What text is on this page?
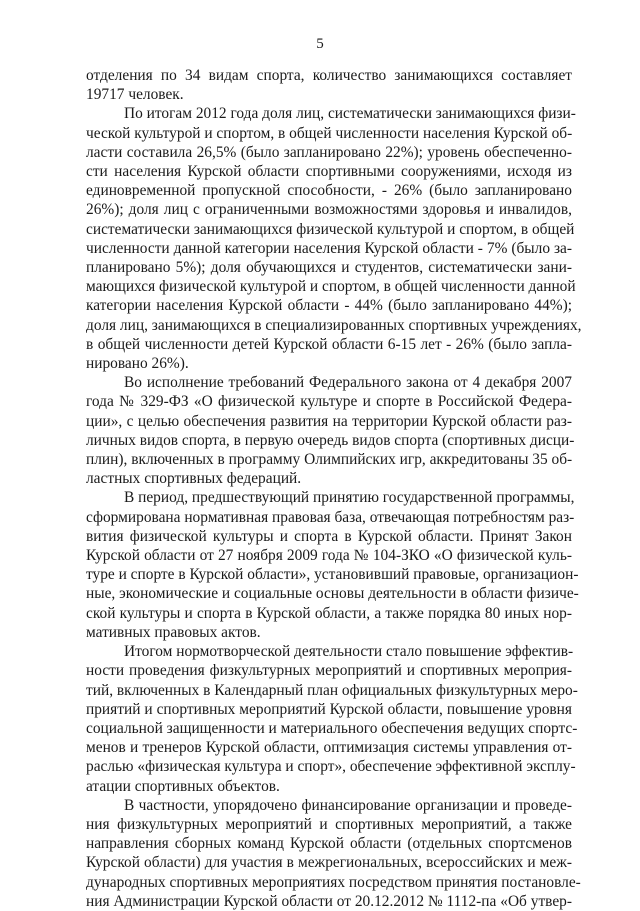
5
отделения по 34 видам спорта, количество занимающихся составляет
19717 человек.
По итогам 2012 года доля лиц, систематически занимающихся физи-
ческой культурой и спортом, в общей численности населения Курской об-
ласти составила 26,5% (было запланировано 22%); уровень обеспеченно-
сти населения Курской области спортивными сооружениями, исходя из
единовременной пропускной способности, - 26% (было запланировано
26%); доля лиц с ограниченными возможностями здоровья и инвалидов,
систематически занимающихся физической культурой и спортом, в общей
численности данной категории населения Курской области - 7% (было за-
планировано 5%); доля обучающихся и студентов, систематически зани-
мающихся физической культурой и спортом, в общей численности данной
категории населения Курской области - 44% (было запланировано 44%);
доля лиц, занимающихся в специализированных спортивных учреждениях,
в общей численности детей Курской области 6-15 лет - 26% (было запла-
нировано 26%).
Во исполнение требований Федерального закона от 4 декабря 2007
года № 329-ФЗ «О физической культуре и спорте в Российской Федера-
ции», с целью обеспечения развития на территории Курской области раз-
личных видов спорта, в первую очередь видов спорта (спортивных дисци-
плин), включенных в программу Олимпийских игр, аккредитованы 35 об-
ластных спортивных федераций.
В период, предшествующий принятию государственной программы,
сформирована нормативная правовая база, отвечающая потребностям раз-
вития физической культуры и спорта в Курской области. Принят Закон
Курской области от 27 ноября 2009 года № 104-ЗКО «О физической куль-
туре и спорте в Курской области», установивший правовые, организацион-
ные, экономические и социальные основы деятельности в области физиче-
ской культуры и спорта в Курской области, а также порядка 80 иных нор-
мативных правовых актов.
Итогом нормотворческой деятельности стало повышение эффектив-
ности проведения физкультурных мероприятий и спортивных мероприя-
тий, включенных в Календарный план официальных физкультурных меро-
приятий и спортивных мероприятий Курской области, повышение уровня
социальной защищенности и материального обеспечения ведущих спортс-
менов и тренеров Курской области, оптимизация системы управления от-
раслью «физическая культура и спорт», обеспечение эффективной эксплу-
атации спортивных объектов.
В частности, упорядочено финансирование организации и проведе-
ния физкультурных мероприятий и спортивных мероприятий, а также
направления сборных команд Курской области (отдельных спортсменов
Курской области) для участия в межрегиональных, всероссийских и меж-
дународных спортивных мероприятиях посредством принятия постановле-
ния Администрации Курской области от 20.12.2012 № 1112-па «Об утвер-
